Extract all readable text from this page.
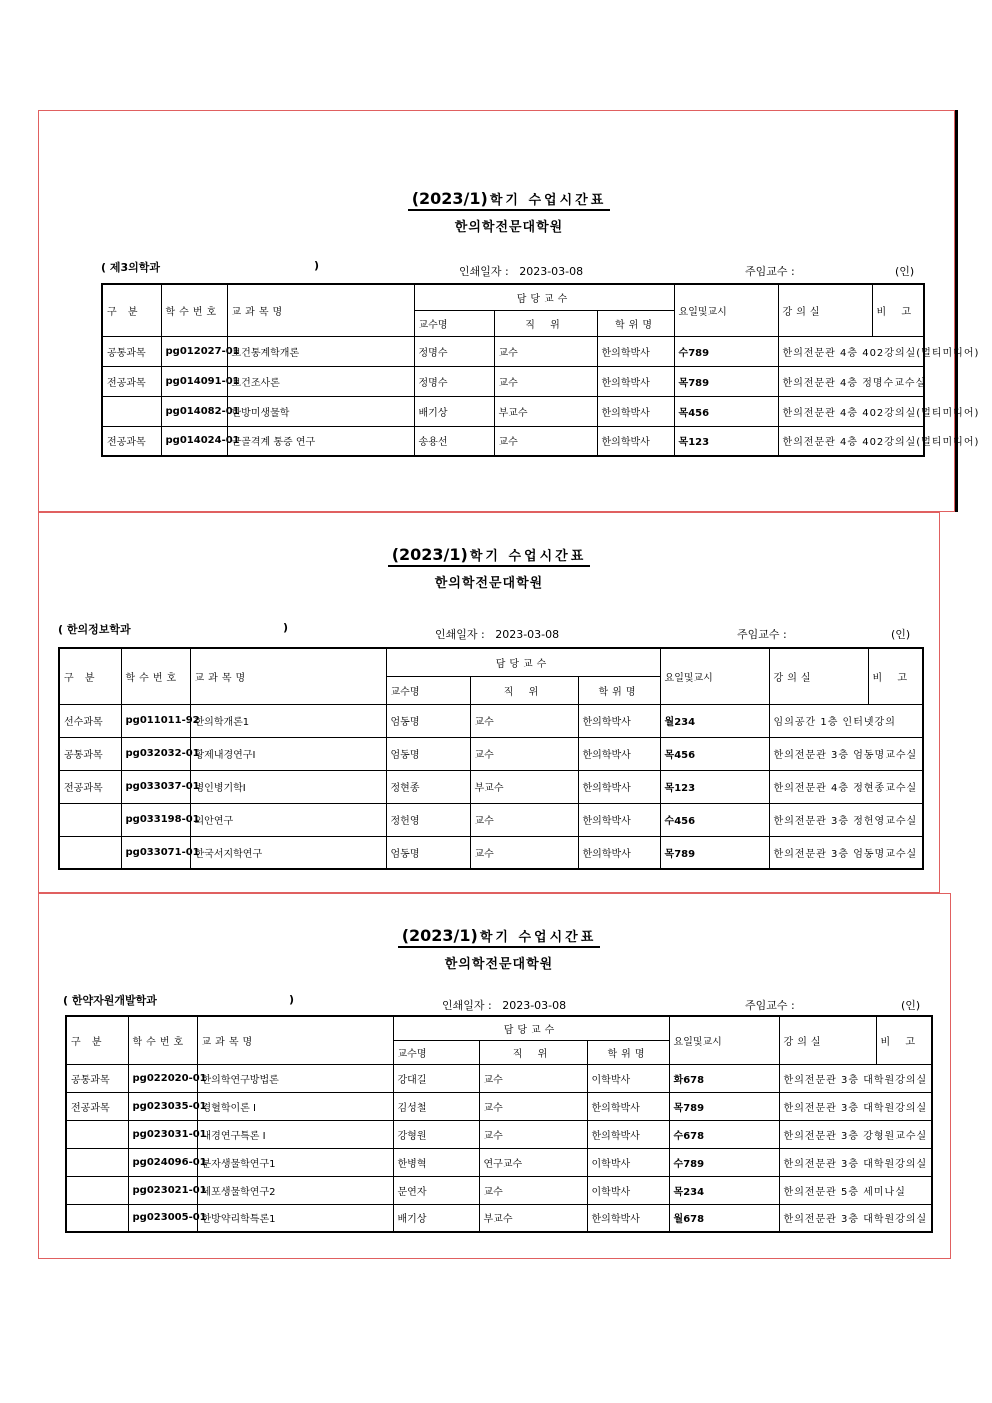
(2023/1) 학기 수업시간표
한의학전문대학원
( 제3의학과	)	인쇄일자 : 2023-03-08	주임교수 :	(인)
구 분	학수번호	교과목명	담당교수			요일및교시	강의실	비 고
			교수명	직 위	학위명			
공통과목	pg012027-01	보건통계학개론	정명수	교수	한의학박사	수789	한의전문관 4층 402강의실(멀티미디어)	
전공과목	pg014091-01	보건조사론	정명수	교수	한의학박사	목789	한의전문관 4층 정명수교수실	
	pg014082-01	한방미생물학	배기상	부교수	한의학박사	목456	한의전문관 4층 402강의실(멀티미디어)	
전공과목	pg014024-01	근골격계 통증 연구	송용선	교수	한의학박사	목123	한의전문관 4층 402강의실(멀티미디어)	
(2023/1) 학기 수업시간표
한의학전문대학원
( 한의정보학과	)
인쇄일자 : 2023-03-08	주임교수 :	(인)
구 분	학수번호	교과목명	담당교수			요일및교시	강의실	비 고
			교수명	직 위	학위명			
선수과목	pg011011-92	한의학개론1	엄동명	교수	한의학박사	월234	임의공간 1층 인터넷강의	
공통과목	pg032032-01	황제내경연구Ⅰ	엄동명	교수	한의학박사	목456	한의전문관 3층 엄동명교수실	
전공과목	pg033037-01	병인병기학Ⅰ	정현종	부교수	한의학박사	목123	한의전문관 4층 정현종교수실	
	pg033198-01	의안연구	정헌영	교수	한의학박사	수456	한의전문관 3층 정헌영교수실	
	pg033071-01	한국서지학연구	엄동명	교수	한의학박사	목789	한의전문관 3층 엄동명교수실	
(2023/1) 학기 수업시간표
한의학전문대학원
( 한약자원개발학과	)	인쇄일자 : 2023-03-08	주임교수 :	(인)
구 분	학수번호	교과목명	담당교수			요일및교시	강의실	비 고
			교수명	직 위	학위명			
공통과목	pg022020-01	한의학연구방법론	강대길	교수	이학박사	화678	한의전문관 3층 대학원강의실	
전공과목	pg023035-01	경혈학이론 Ⅰ	김성철	교수	한의학박사	목789	한의전문관 3층 대학원강의실	
	pg023031-01	내경연구특론 Ⅰ	강형원	교수	한의학박사	수678	한의전문관 3층 강형원교수실	
	pg024096-01	분자생물학연구1	한병혁	연구교수	이학박사	수789	한의전문관 3층 대학원강의실	
	pg023021-01	세포생물학연구2	문연자	교수	이학박사	목234	한의전문관 5층 세미나실	
	pg023005-01	한방약리학특론1	배기상	부교수	한의학박사	월678	한의전문관 3층 대학원강의실	
